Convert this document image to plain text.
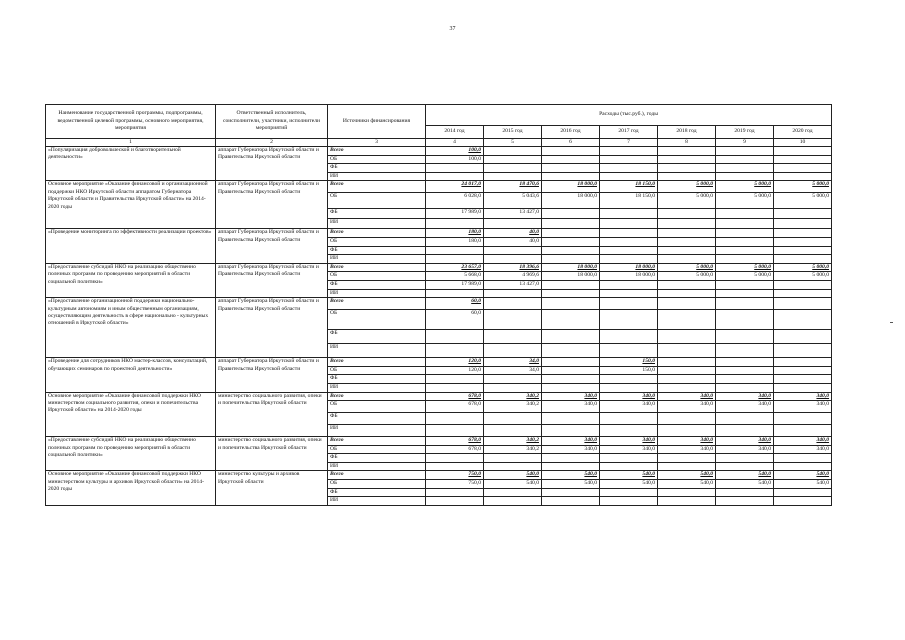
37
Наименование государственной программы, подпрограммы, ведомственной целевой программы, основного мероприятия, мероприятия	Ответственный исполнитель, соисполнители, участники, исполнители мероприятий	Источники финансирования	Расходы (тыс.руб.), годы						
			2014 год	2015 год	2016 год	2017 год	2018 год	2019 год	2020 год
1	2	3	4	5	6	7	8	9	10
«Популяризация добровольческой и благотворительной деятельности»	аппарат Губернатора Иркутской области и Правительства Иркутской области	Всего	100,0						
		ОБ	100,0						
		ФБ							
		ИИ							
Основное мероприятие «Оказание финансовой и организационной поддержки НКО Иркутской области аппаратом Губернатора Иркутской области и Правительства Иркутской области» на 2014-2020 годы	аппарат Губернатора Иркутской области и Правительства Иркутской области	Всего	24 017,0	18 470,6	18 000,0	18 150,0	5 000,0	5 000,0	5 000,0
		ОБ	6 028,0	5 043,6	18 000,0	18 150,0	5 000,0	5 000,0	5 000,0
		ФБ	17 989,0	13 427,0					
		ИИ							
«Проведение мониторинга по эффективности реализации проектов»	аппарат Губернатора Иркутской области и Правительства Иркутской области	Всего	180,0	40,0					
		ОБ	180,0	40,0					
		ФБ							
		ИИ							
«Предоставление субсидий НКО на реализацию общественно полезных программ по проведению мероприятий в области социальной политики»	аппарат Губернатора Иркутской области и Правительства Иркутской области	Всего	23 657,0	18 396,6	18 000,0	18 000,0	5 000,0	5 000,0	5 000,0
		ОБ	5 668,0	4 969,6	18 000,0	18 000,0	5 000,0	5 000,0	5 000,0
		ФБ	17 989,0	13 427,0					
		ИИ							
«Предоставление организационной поддержки национально-культурным автономиям и иным общественным организациям, осуществляющим деятельность в сфере национально - культурных отношений в Иркутской области»	аппарат Губернатора Иркутской области и Правительства Иркутской области	Всего	60,0						
		ОБ	60,0						
		ФБ							
		ИИ							
«Проведение для сотрудников НКО мастер-классов, консультаций, обучающих семинаров по проектной деятельности»	аппарат Губернатора Иркутской области и Правительства Иркутской области	Всего	120,0	34,0		150,0			
		ОБ	120,0	34,0		150,0			
		ФБ							
		ИИ							
Основное мероприятие «Оказание финансовой поддержки НКО министерством социального развития, опеки и попечительства Иркутской области» на 2014-2020 годы	министерство социального развития, опеки и попечительства Иркутской области	Всего	678,0	340,2	340,0	340,0	340,0	340,0	340,0
		ОБ	678,0	340,2	340,0	340,0	340,0	340,0	340,0
		ФБ							
		ИИ							
«Предоставление субсидий НКО на реализацию общественно полезных программ по проведению мероприятий в области социальной политики»	министерство социального развития, опеки и попечительства Иркутской области	Всего	678,0	340,2	340,0	340,0	340,0	340,0	340,0
		ОБ	678,0	340,2	340,0	340,0	340,0	340,0	340,0
		ФБ							
		ИИ							
Основное мероприятие «Оказание финансовой поддержки НКО министерством культуры и архивов Иркутской области» на 2014-2020 годы	министерство культуры и архивов Иркутской области	Всего	750,0	540,0	540,0	540,0	540,0	540,0	540,0
		ОБ	750,0	540,0	540,0	540,0	540,0	540,0	540,0
		ФБ							
		ИИ							
